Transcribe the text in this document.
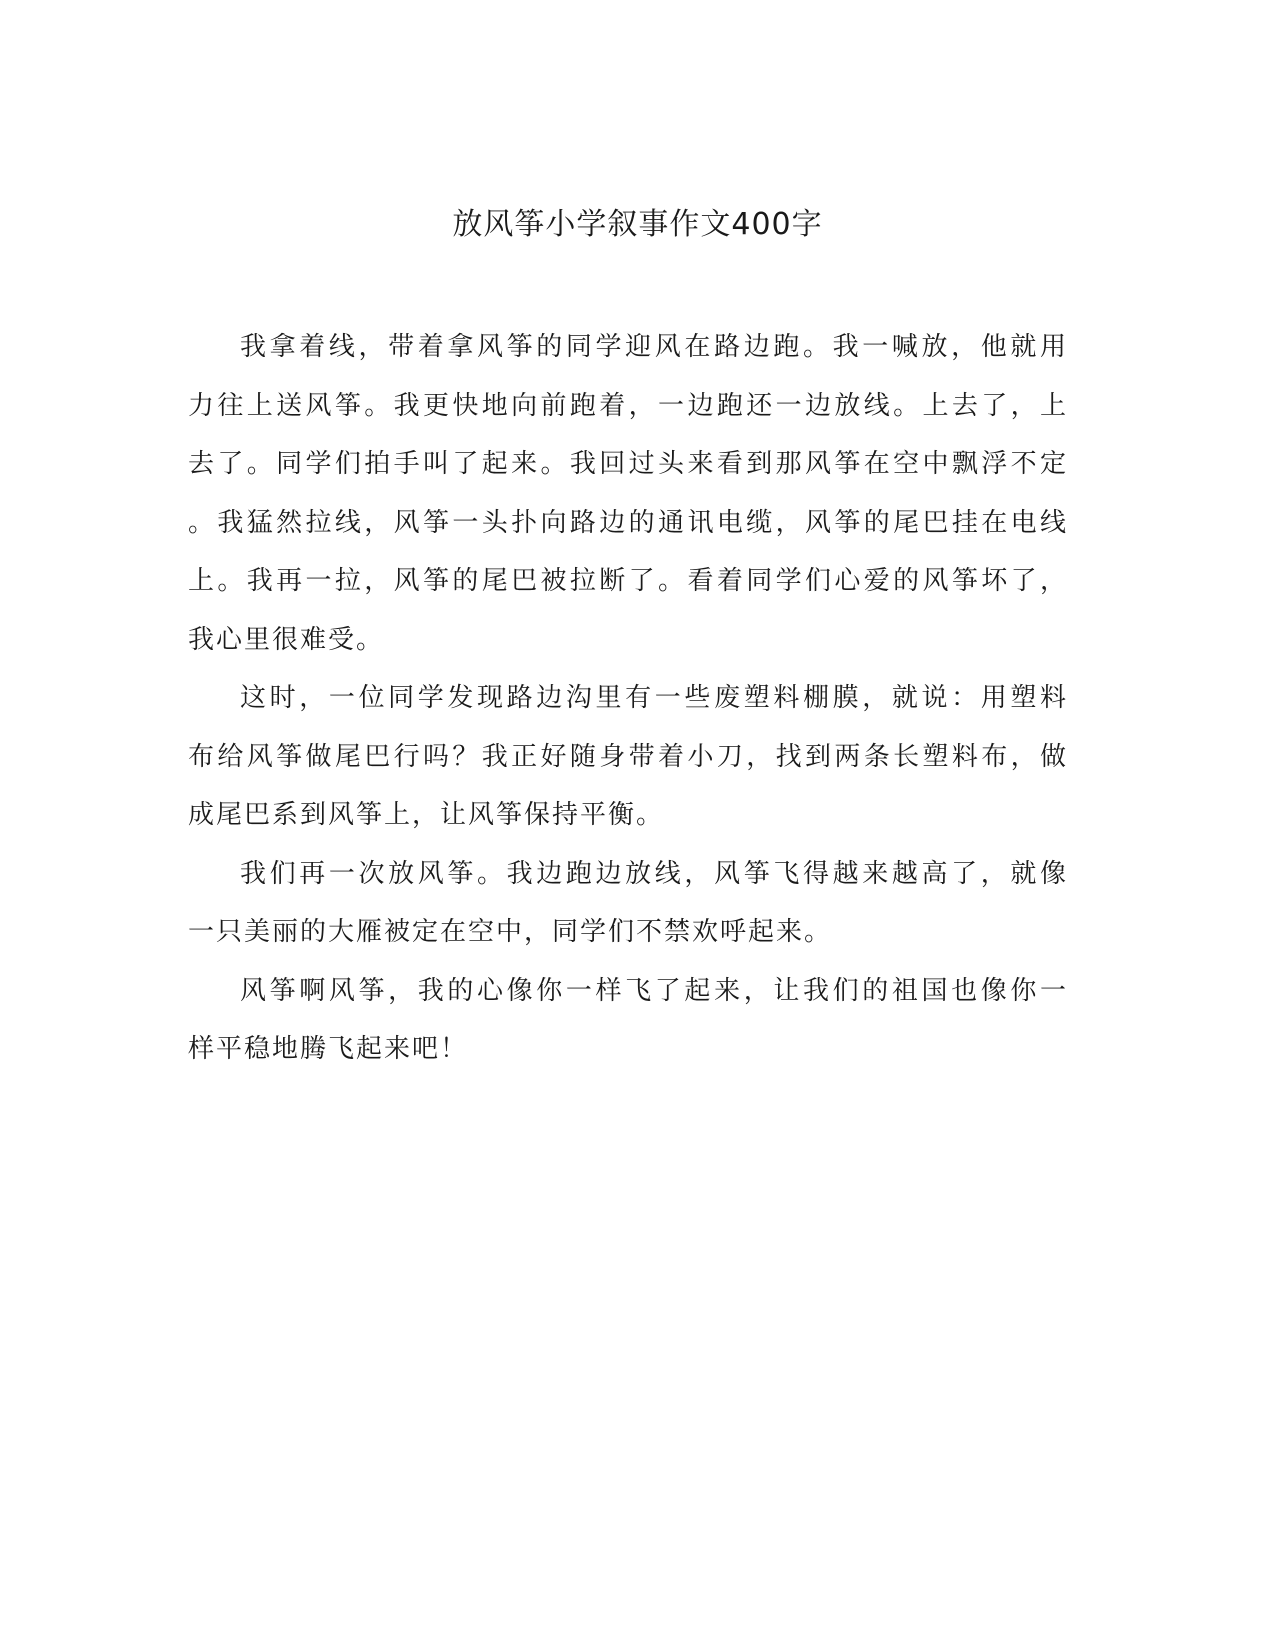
放风筝小学叙事作文400字

我拿着线，带着拿风筝的同学迎风在路边跑。我一喊放，他就用
力往上送风筝。我更快地向前跑着，一边跑还一边放线。上去了，上
去了。同学们拍手叫了起来。我回过头来看到那风筝在空中飘浮不定
。我猛然拉线，风筝一头扑向路边的通讯电缆，风筝的尾巴挂在电线
上。我再一拉，风筝的尾巴被拉断了。看着同学们心爱的风筝坏了，
我心里很难受。

这时，一位同学发现路边沟里有一些废塑料棚膜，就说：用塑料
布给风筝做尾巴行吗？我正好随身带着小刀，找到两条长塑料布，做
成尾巴系到风筝上，让风筝保持平衡。

我们再一次放风筝。我边跑边放线，风筝飞得越来越高了，就像
一只美丽的大雁被定在空中，同学们不禁欢呼起来。

风筝啊风筝，我的心像你一样飞了起来，让我们的祖国也像你一
样平稳地腾飞起来吧！
